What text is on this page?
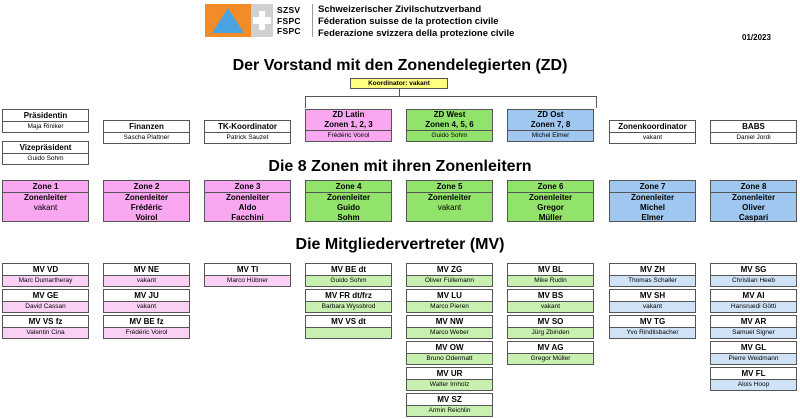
SZSV
FSPC
FSPC
Schweizerischer Zivilschutzverband
Féderation suisse de la protection civile
Federazione svizzera della protezione civile	01/2023
Der Vorstand mit den Zonendelegierten (ZD)
Koordinator: vakant
Präsidentin
Maja Riniker
Vizepräsident
Guido Sohm
Finanzen
Sascha Plattner
TK-Koordinator
Patrick Sauzet
ZD Latin
Zonen 1, 2, 3
Frédéric Voirol
ZD West
Zonen 4, 5, 6
Guido Sohm
ZD Ost
Zonen 7, 8
Michel Elmer
Zonenkoordinator
vakant
BABS
Daniel Jordi
Die 8 Zonen mit ihren Zonenleitern
Zone 1
Zonenleiter
vakant
Zone 2
Zonenleiter
Frédéric
Voirol
Zone 3
Zonenleiter
Aldo
Facchini
Zone 4
Zonenleiter
Guido
Sohm
Zone 5
Zonenleiter
vakant
Zone 6
Zonenleiter
Gregor
Müller
Zone 7
Zonenleiter
Michel
Elmer
Zone 8
Zonenleiter
Oliver
Caspari
Die Mitgliedervertreter (MV)
MV VD
Marc Dumartheray
MV GE
David Cassan
MV VS fz
Valentin Cina
MV NE
vakant
MV JU
vakant
MV BE fz
Frédéric Voirol
MV TI
Marco Hübner
MV BE dt
Guido Sohm
MV FR dt/frz
Barbara Wyssbrod
MV VS dt
MV ZG
Oliver Füllemann
MV LU
Marco Pieren
MV NW
Marco Weber
MV OW
Bruno Odermatt
MV UR
Walter Imholz
MV SZ
Armin Reichlin
MV BL
Mike Rudin
MV BS
vakant
MV SO
Jürg Zbinden
MV AG
Gregor Müller
MV ZH
Thomas Schaller
MV SH
vakant
MV TG
Yvo Rindlisbacher
MV SG
Christian Heeb
MV AI
Hansruedi Götti
MV AR
Samuel Signer
MV GL
Pierre Weidmann
MV FL
Alois Hoop
